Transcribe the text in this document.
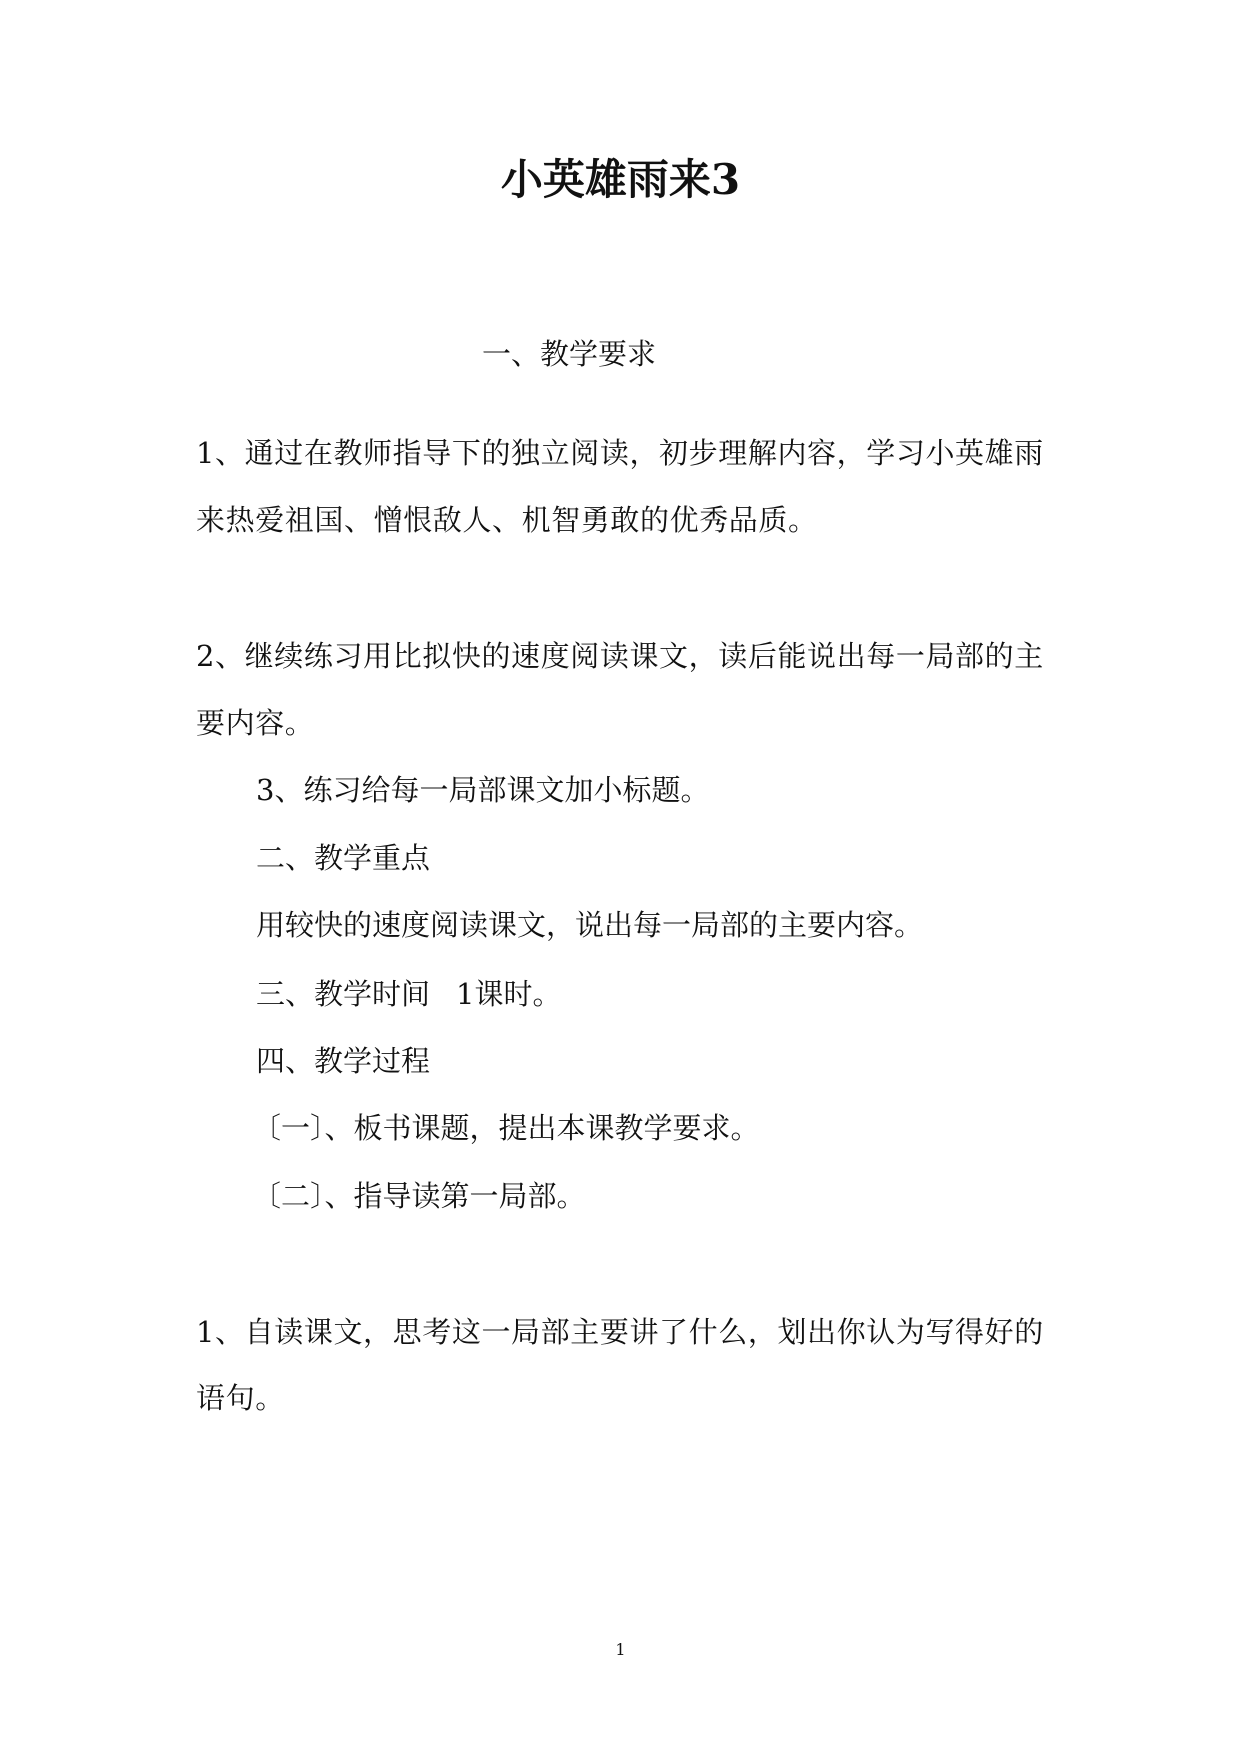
小英雄雨来3
一、教学要求
1、通过在教师指导下的独立阅读，初步理解内容，学习小英雄雨
来热爱祖国、憎恨敌人、机智勇敢的优秀品质。
2、继续练习用比拟快的速度阅读课文，读后能说出每一局部的主
要内容。
3、练习给每一局部课文加小标题。
二、教学重点
用较快的速度阅读课文，说出每一局部的主要内容。
三、教学时间 1课时。
四、教学过程
〔一〕、板书课题，提出本课教学要求。
〔二〕、指导读第一局部。
1、自读课文，思考这一局部主要讲了什么，划出你认为写得好的
语句。
1
